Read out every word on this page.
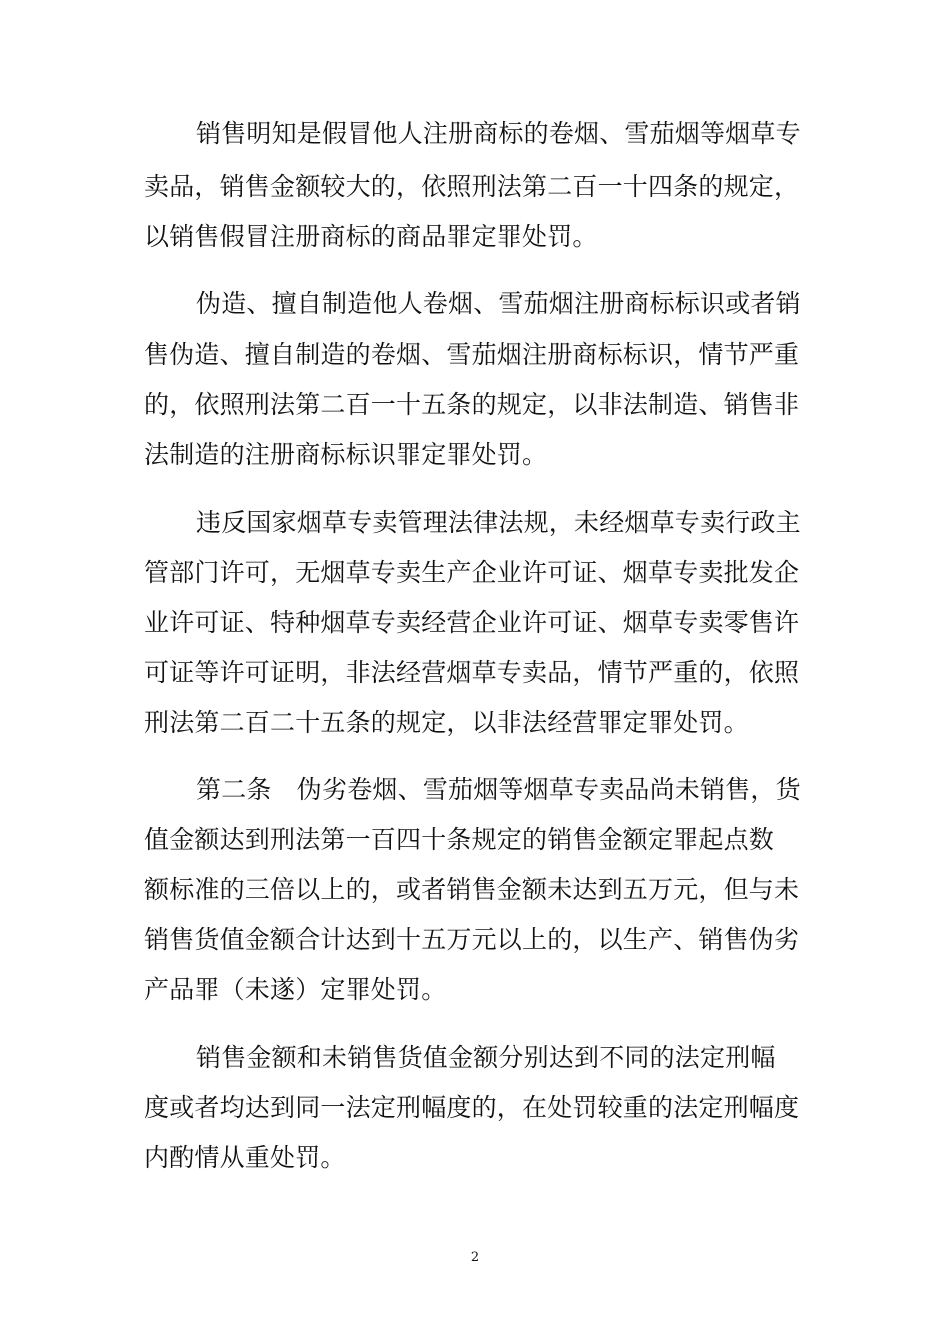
销售明知是假冒他人注册商标的卷烟、雪茄烟等烟草专
卖品，销售金额较大的，依照刑法第二百一十四条的规定，
以销售假冒注册商标的商品罪定罪处罚。
伪造、擅自制造他人卷烟、雪茄烟注册商标标识或者销
售伪造、擅自制造的卷烟、雪茄烟注册商标标识，情节严重
的，依照刑法第二百一十五条的规定，以非法制造、销售非
法制造的注册商标标识罪定罪处罚。
违反国家烟草专卖管理法律法规，未经烟草专卖行政主
管部门许可，无烟草专卖生产企业许可证、烟草专卖批发企
业许可证、特种烟草专卖经营企业许可证、烟草专卖零售许
可证等许可证明，非法经营烟草专卖品，情节严重的，依照
刑法第二百二十五条的规定，以非法经营罪定罪处罚。
第二条　伪劣卷烟、雪茄烟等烟草专卖品尚未销售，货
值金额达到刑法第一百四十条规定的销售金额定罪起点数
额标准的三倍以上的，或者销售金额未达到五万元，但与未
销售货值金额合计达到十五万元以上的，以生产、销售伪劣
产品罪（未遂）定罪处罚。
销售金额和未销售货值金额分别达到不同的法定刑幅
度或者均达到同一法定刑幅度的，在处罚较重的法定刑幅度
内酌情从重处罚。
2
